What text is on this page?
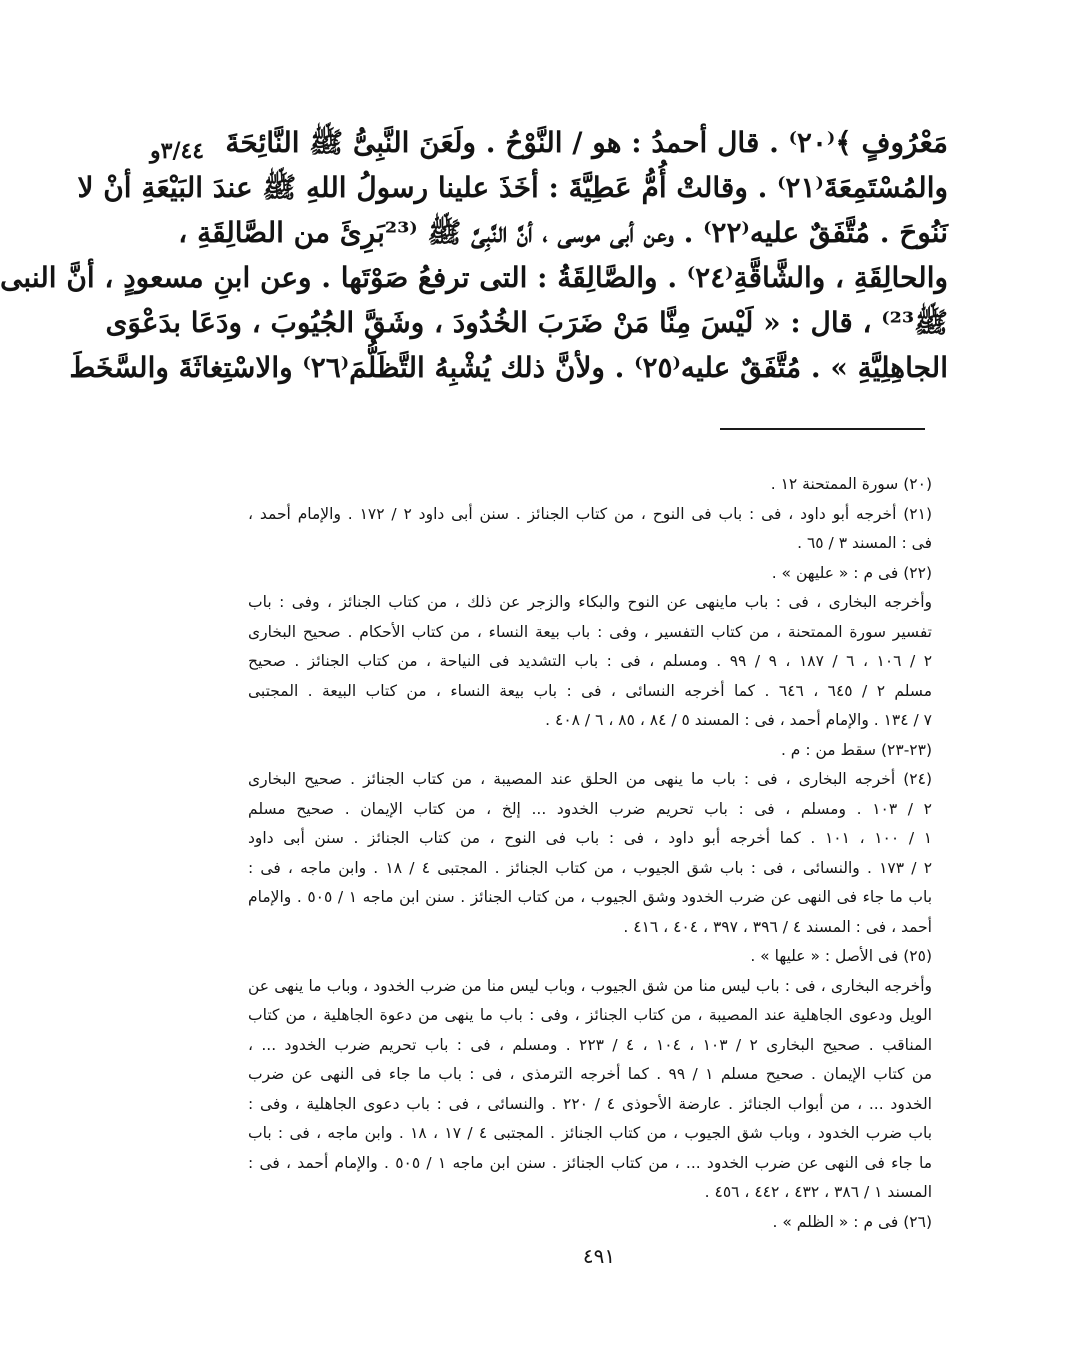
٣/٤٤و مَعْرُوفٍ ﴾⁽٢٠⁾ . قال أحمدُ : هو / النَّوْحُ . ولَعَنَ النَّبِىُّ ﷺ النَّائِحَةَ
والمُسْتَمِعَةَ⁽٢١⁾ . وقالتْ أُمُّ عَطِيَّةَ : أخَذَ علينا رسولُ اللهِ ﷺ عندَ البَيْعَةِ أنْ لا
نَنُوحَ . مُتَّفَقٌ عليه⁽٢٢⁾ . وعن أبى موسى ، أنَّ النَّبِىَّ ﷺ ⁽²³بَرِئَ من الصَّالِقَةِ ،
والحالِقَةِ ، والشَّاقَّةِ⁽٢٤⁾ . والصَّالِقَةُ : التى ترفعُ صَوْتَها . وعن ابنِ مسعودٍ ، أنَّ النبى
ﷺ²³⁾ ، قال : « لَيْسَ مِنَّا مَنْ ضَرَبَ الخُدُودَ ، وشَقَّ الجُيُوبَ ، ودَعَا بدَعْوَى
الجاهِلِيَّةِ » . مُتَّفَقٌ عليه⁽٢٥⁾ . ولأنَّ ذلك يُشْبِهُ التَّظَلُّمَ⁽٢٦⁾ والاسْتِغاثَةَ والسَّخَطَ
(٢٠) سورة الممتحنة ١٢ .
(٢١) أخرجه أبو داود ، فى : باب فى النوح ، من كتاب الجنائز . سنن أبى داود ٢ / ١٧٢ . والإمام أحمد ،
فى : المسند ٣ / ٦٥ .
(٢٢) فى م : « عليهن » .
وأخرجه البخارى ، فى : باب ماينهى عن النوح والبكاء والزجر عن ذلك ، من كتاب الجنائز ، وفى : باب
تفسير سورة الممتحنة ، من كتاب التفسير ، وفى : باب بيعة النساء ، من كتاب الأحكام . صحيح البخارى
٢ / ١٠٦ ، ٦ / ١٨٧ ، ٩ / ٩٩ . ومسلم ، فى : باب التشديد فى النياحة ، من كتاب الجنائز . صحيح
مسلم ٢ / ٦٤٥ ، ٦٤٦ . كما أخرجه النسائى ، فى : باب بيعة النساء ، من كتاب البيعة . المجتبى
٧ / ١٣٤ . والإمام أحمد ، فى : المسند ٥ / ٨٤ ، ٨٥ ، ٦ / ٤٠٨ .
(٢٣-٢٣) سقط من : م .
(٢٤) أخرجه البخارى ، فى : باب ما ينهى من الحلق عند المصيبة ، من كتاب الجنائز . صحيح البخارى
٢ / ١٠٣ . ومسلم ، فى : باب تحريم ضرب الخدود ... إلخ ، من كتاب الإيمان . صحيح مسلم
١ / ١٠٠ ، ١٠١ . كما أخرجه أبو داود ، فى : باب فى النوح ، من كتاب الجنائز . سنن أبى داود
٢ / ١٧٣ . والنسائى ، فى : باب شق الجيوب ، من كتاب الجنائز . المجتبى ٤ / ١٨ . وابن ماجه ، فى :
باب ما جاء فى النهى عن ضرب الخدود وشق الجيوب ، من كتاب الجنائز . سنن ابن ماجه ١ / ٥٠٥ . والإمام
أحمد ، فى : المسند ٤ / ٣٩٦ ، ٣٩٧ ، ٤٠٤ ، ٤١٦ .
(٢٥) فى الأصل : « عليها » .
وأخرجه البخارى ، فى : باب ليس منا من شق الجيوب ، وباب ليس منا من ضرب الخدود ، وباب ما ينهى عن
الويل ودعوى الجاهلية عند المصيبة ، من كتاب الجنائز ، وفى : باب ما ينهى من دعوة الجاهلية ، من كتاب
المناقب . صحيح البخارى ٢ / ١٠٣ ، ١٠٤ ، ٤ / ٢٢٣ . ومسلم ، فى : باب تحريم ضرب الخدود ... ،
من كتاب الإيمان . صحيح مسلم ١ / ٩٩ . كما أخرجه الترمذى ، فى : باب ما جاء فى النهى عن ضرب
الخدود ... ، من أبواب الجنائز . عارضة الأحوذى ٤ / ٢٢٠ . والنسائى ، فى : باب دعوى الجاهلية ، وفى :
باب ضرب الخدود ، وباب شق الجيوب ، من كتاب الجنائز . المجتبى ٤ / ١٧ ، ١٨ . وابن ماجه ، فى : باب
ما جاء فى النهى عن ضرب الخدود ... ، من كتاب الجنائز . سنن ابن ماجه ١ / ٥٠٥ . والإمام أحمد ، فى :
المسند ١ / ٣٨٦ ، ٤٣٢ ، ٤٤٢ ، ٤٥٦ .
(٢٦) فى م : « الظلم » .
٤٩١
